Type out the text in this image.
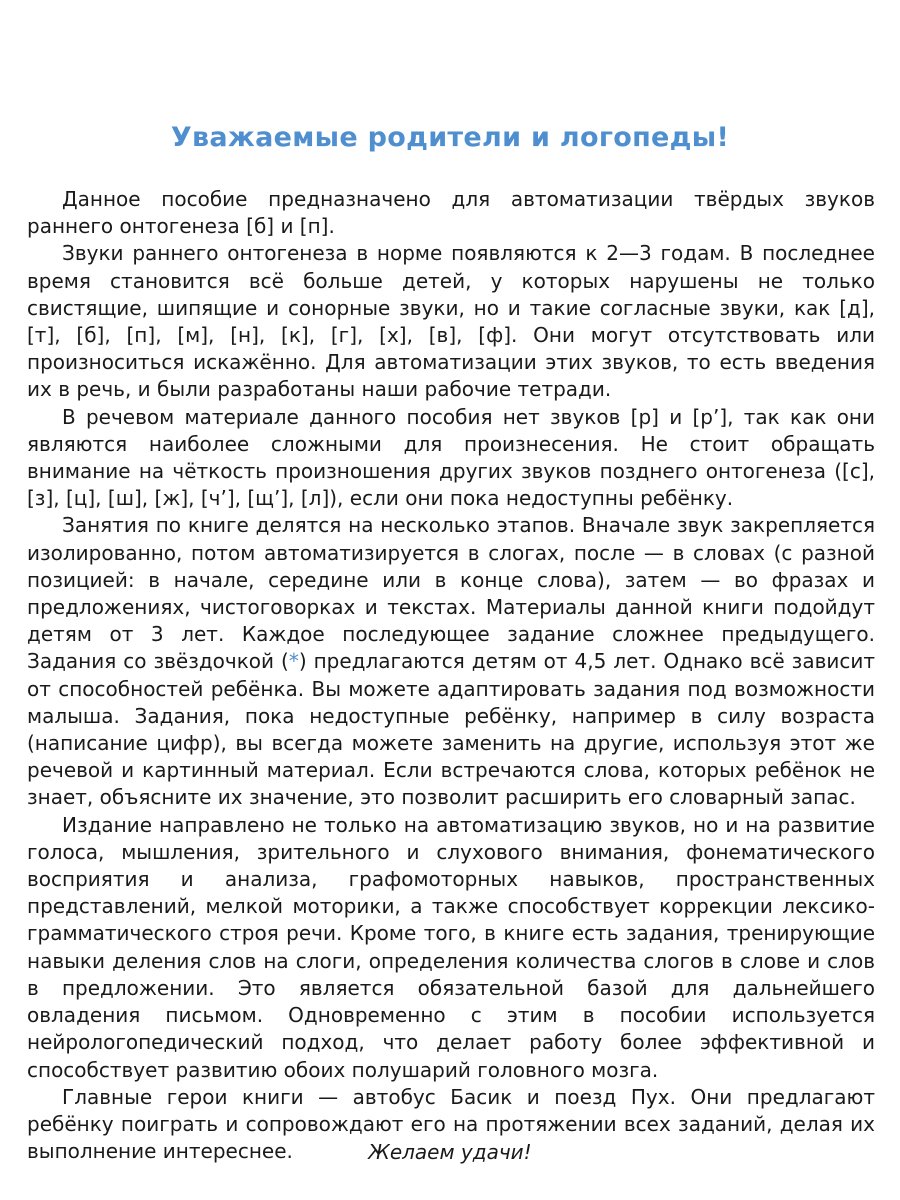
Уважаемые родители и логопеды!

Данное пособие предназначено для автоматизации твёрдых звуков раннего онтогенеза [б] и [п].

Звуки раннего онтогенеза в норме появляются к 2—3 годам. В последнее время становится всё больше детей, у которых нарушены не только свистящие, шипящие и сонорные звуки, но и такие согласные звуки, как [д], [т], [б], [п], [м], [н], [к], [г], [х], [в], [ф]. Они могут отсутствовать или произноситься искажённо. Для автоматизации этих звуков, то есть введения их в речь, и были разработаны наши рабочие тетради.

В речевом материале данного пособия нет звуков [р] и [р’], так как они являются наиболее сложными для произнесения. Не стоит обращать внимание на чёткость произношения других звуков позднего онтогенеза ([с], [з], [ц], [ш], [ж], [ч’], [щ’], [л]), если они пока недоступны ребёнку.

Занятия по книге делятся на несколько этапов. Вначале звук закрепляется изолированно, потом автоматизируется в слогах, после — в словах (с разной позицией: в начале, середине или в конце слова), затем — во фразах и предложениях, чистоговорках и текстах. Материалы данной книги подойдут детям от 3 лет. Каждое последующее задание сложнее предыдущего. Задания со звёздочкой (*) предлагаются детям от 4,5 лет. Однако всё зависит от способностей ребёнка. Вы можете адаптировать задания под возможности малыша. Задания, пока недоступные ребёнку, например в силу возраста (написание цифр), вы всегда можете заменить на другие, используя этот же речевой и картинный материал. Если встречаются слова, которых ребёнок не знает, объясните их значение, это позволит расширить его словарный запас.

Издание направлено не только на автоматизацию звуков, но и на развитие голоса, мышления, зрительного и слухового внимания, фонематического восприятия и анализа, графомоторных навыков, пространственных представлений, мелкой моторики, а также способствует коррекции лексико-грамматического строя речи. Кроме того, в книге есть задания, тренирующие навыки деления слов на слоги, определения количества слогов в слове и слов в предложении. Это является обязательной базой для дальнейшего овладения письмом. Одновременно с этим в пособии используется нейрологопедический подход, что делает работу более эффективной и способствует развитию обоих полушарий головного мозга.

Главные герои книги — автобус Басик и поезд Пух. Они предлагают ребёнку поиграть и сопровождают его на протяжении всех заданий, делая их выполнение интереснее.	Желаем удачи!
